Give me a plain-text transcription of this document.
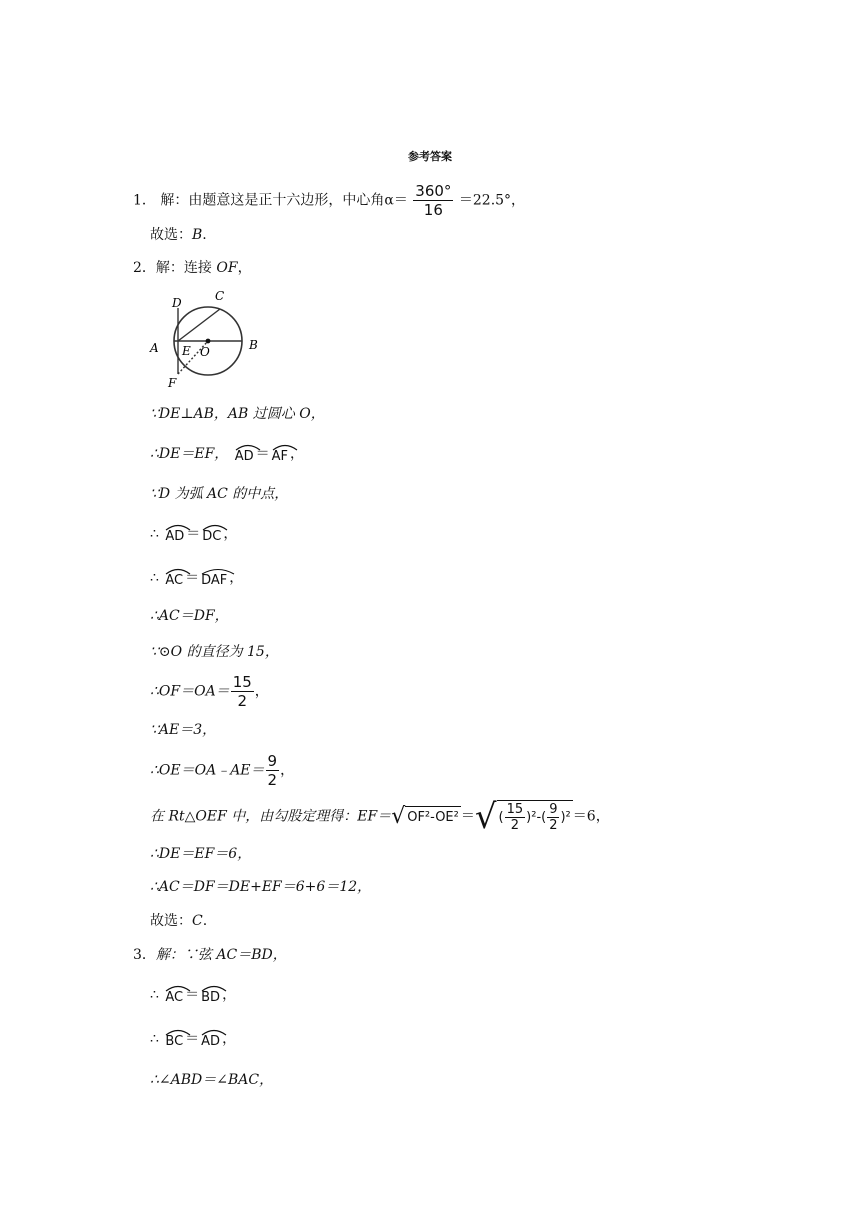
参考答案
1． 解：由题意这是正十六边形，中心角$\alpha= \frac{360^\circ}{16} =22.5^\circ$，
故选：B.
2．解：连接 OF，
D	C
A E O	B
F
∵DE⊥AB，AB 过圆心 O，
∴DE＝EF， AD ＝ AF ，
∵D 为弧 AC 的中点，
∴ AD ＝ DC ，
∴ AC ＝ DAF ，
∴AC＝DF，
∵⊙O 的直径为 15，
∴OF＝OA＝ $\frac{15}{2}$ ，
∵AE＝3，
∴OE＝OA﹣AE＝ $\frac{9}{2}$ ，
在 Rt△OEF 中，由勾股定理得：EF＝√ OF²-OE² ＝√ ( $\frac{15}{2} )^2-( \frac{9}{2} )^2 =6$，
∴DE＝EF＝6，
∴AC＝DF＝DE+EF＝6+6＝12，
故选：C.
3．解：∵弦 AC＝BD，
∴ AC ＝ BD ，
∴ BC ＝ AD ，
∴∠ABD＝∠BAC，
